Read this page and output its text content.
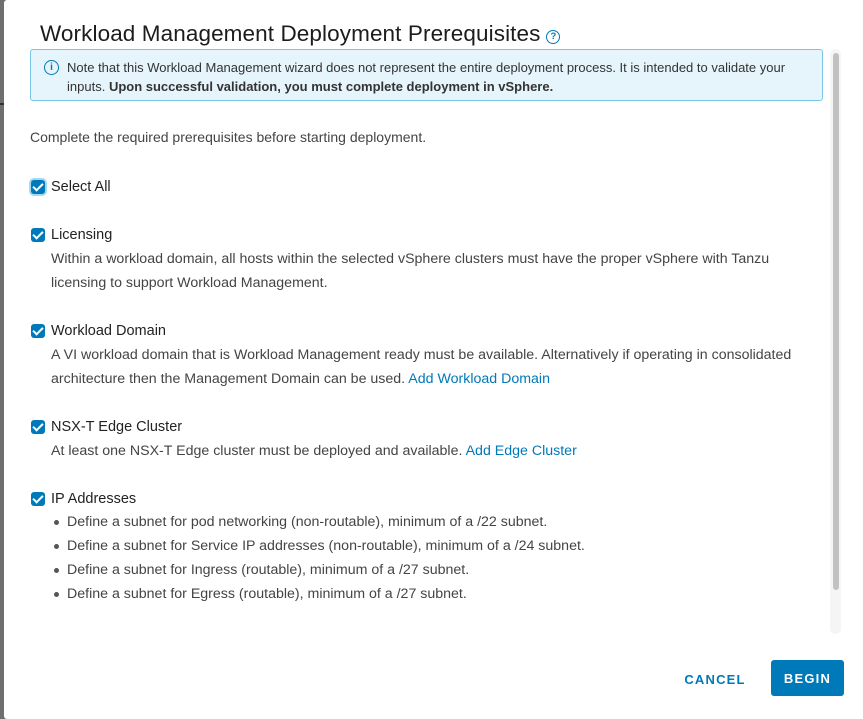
Workload Management Deployment Prerequisites ?
i	Note that this Workload Management wizard does not represent the entire deployment process. It is intended to validate your inputs. Upon successful validation, you must complete deployment in vSphere.
Complete the required prerequisites before starting deployment.
Select All
Licensing
Within a workload domain, all hosts within the selected vSphere clusters must have the proper vSphere with Tanzu licensing to support Workload Management.
Workload Domain
A VI workload domain that is Workload Management ready must be available. Alternatively if operating in consolidated architecture then the Management Domain can be used. Add Workload Domain
NSX-T Edge Cluster
At least one NSX-T Edge cluster must be deployed and available. Add Edge Cluster
IP Addresses
Define a subnet for pod networking (non-routable), minimum of a /22 subnet.
Define a subnet for Service IP addresses (non-routable), minimum of a /24 subnet.
Define a subnet for Ingress (routable), minimum of a /27 subnet.
Define a subnet for Egress (routable), minimum of a /27 subnet.
CANCEL	BEGIN
